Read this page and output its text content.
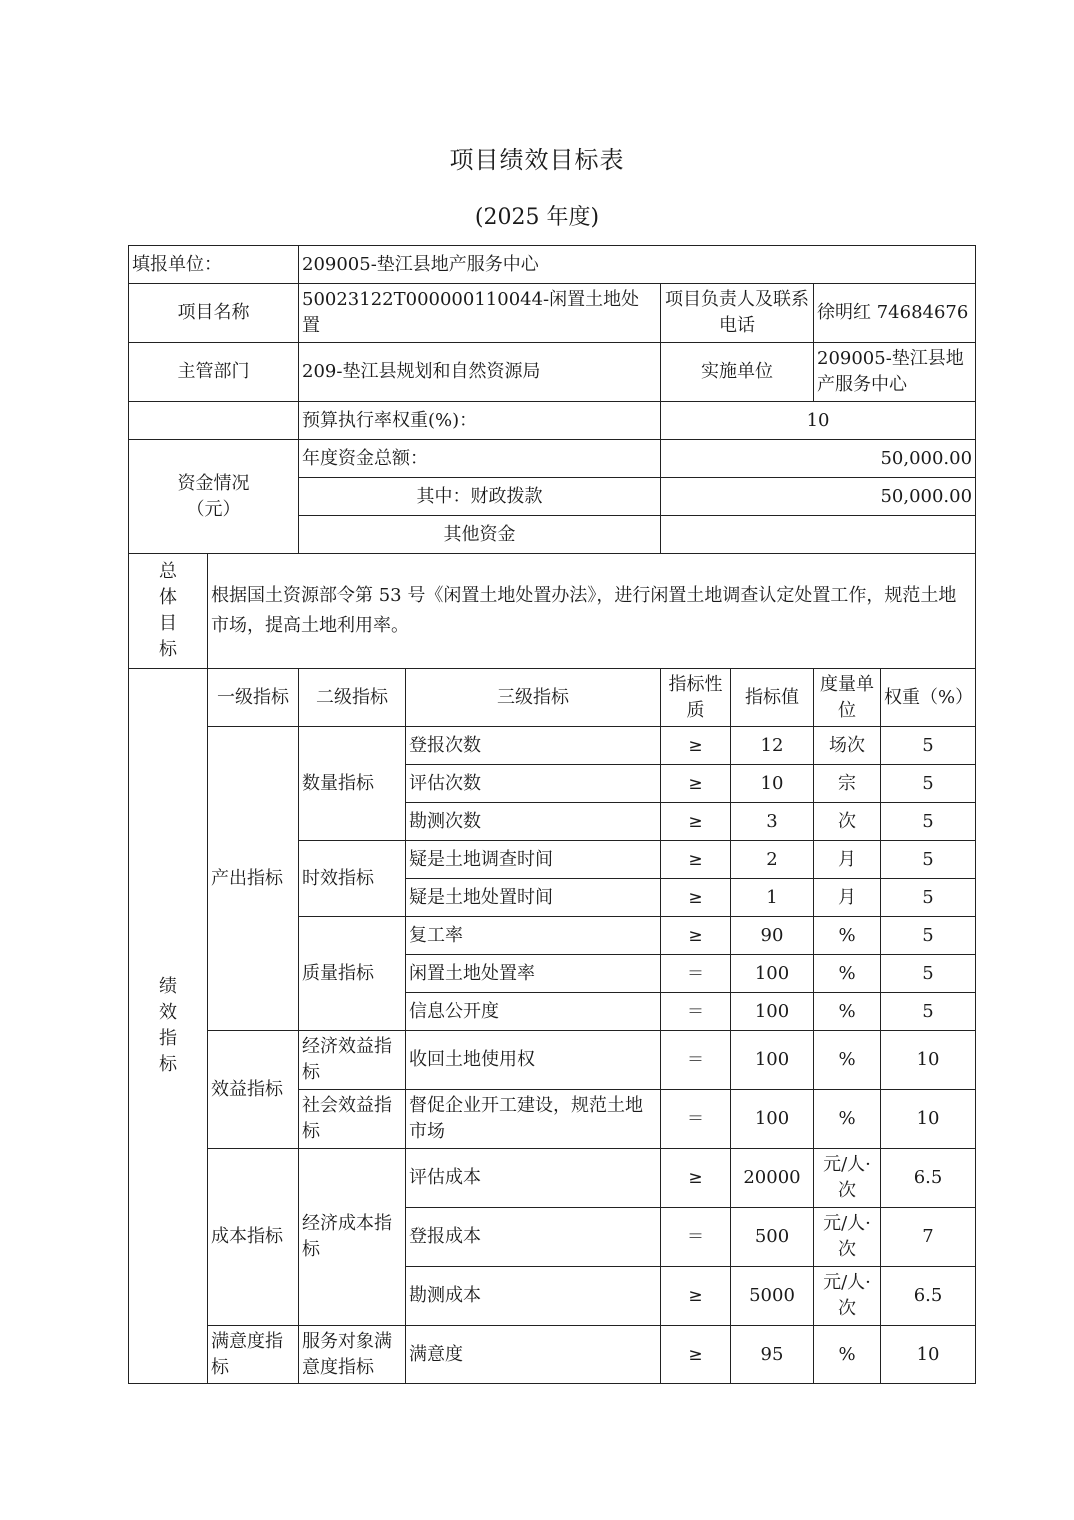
项目绩效目标表
(2025 年度)
填报单位：		209005-垫江县地产服务中心					
项目名称		50023122T000000110044-闲置土地处置		项目负责人及联系电话		徐明红 74684676	
主管部门		209-垫江县规划和自然资源局		实施单位		209005-垫江县地产服务中心	
		预算执行率权重(%)：		10			
资金情况（元）		年度资金总额：		50,000.00			
		其中：财政拨款		50,000.00			
		其他资金					
总体目标	根据国土资源部令第 53 号《闲置土地处置办法》，进行闲置土地调查认定处置工作，规范土地市场，提高土地利用率。						
绩效指标	一级指标	二级指标	三级指标	指标性质	指标值	度量单位	权重（%）
	产出指标	数量指标	登报次数	≥	12	场次	5
			评估次数	≥	10	宗	5
			勘测次数	≥	3	次	5
		时效指标	疑是土地调查时间	≥	2	月	5
			疑是土地处置时间	≥	1	月	5
		质量指标	复工率	≥	90	%	5
			闲置土地处置率	＝	100	%	5
			信息公开度	＝	100	%	5
	效益指标	经济效益指标	收回土地使用权	＝	100	%	10
		社会效益指标	督促企业开工建设，规范土地市场	＝	100	%	10
	成本指标	经济成本指标	评估成本	≥	20000	元/人·次	6.5
			登报成本	＝	500	元/人·次	7
			勘测成本	≥	5000	元/人·次	6.5
	满意度指标	服务对象满意度指标	满意度	≥	95	%	10
